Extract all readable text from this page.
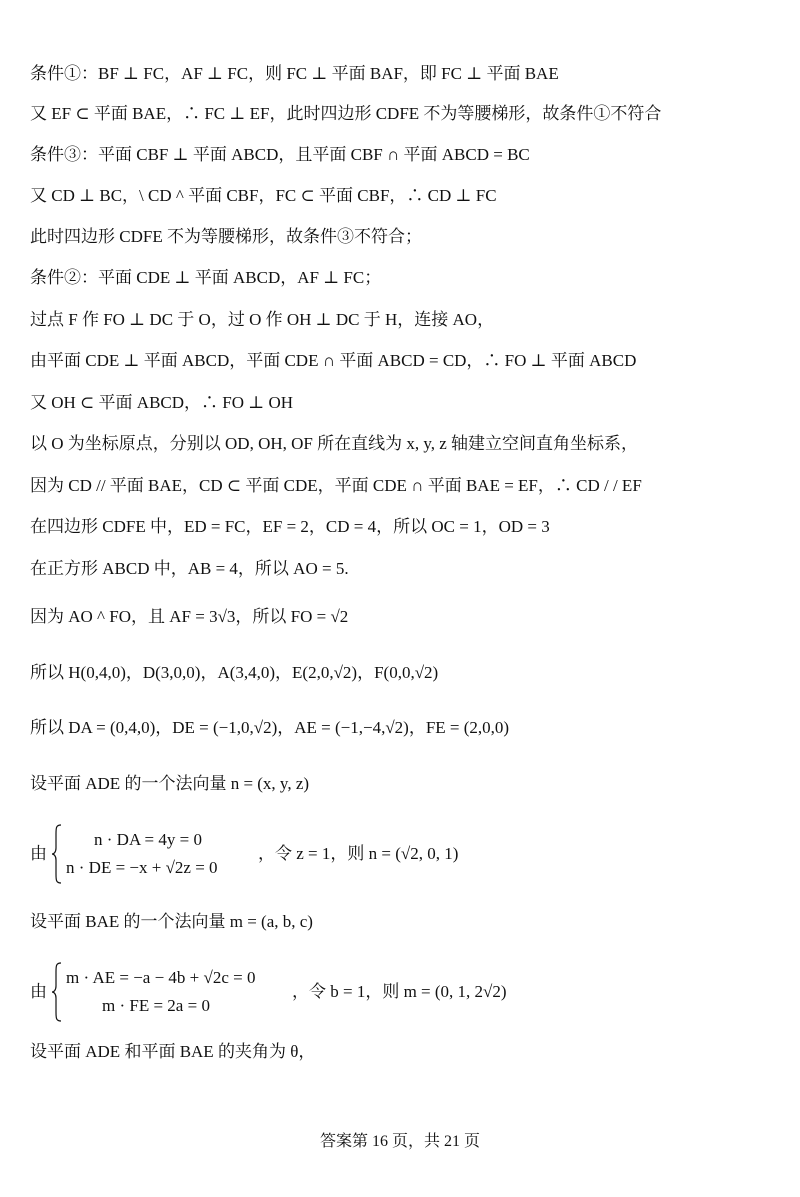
条件①：BF ⊥ FC，AF ⊥ FC，则 FC ⊥ 平面 BAF，即 FC ⊥ 平面 BAE
又 EF ⊂ 平面 BAE，∴ FC ⊥ EF，此时四边形 CDFE 不为等腰梯形，故条件①不符合
条件③：平面 CBF ⊥ 平面 ABCD，且平面 CBF ∩ 平面 ABCD = BC
又 CD ⊥ BC，\ CD ^ 平面 CBF，FC ⊂ 平面 CBF，∴ CD ⊥ FC
此时四边形 CDFE 不为等腰梯形，故条件③不符合；
条件②：平面 CDE ⊥ 平面 ABCD，AF ⊥ FC；
过点 F 作 FO ⊥ DC 于 O，过 O 作 OH ⊥ DC 于 H，连接 AO，
由平面 CDE ⊥ 平面 ABCD，平面 CDE ∩ 平面 ABCD = CD，∴ FO ⊥ 平面 ABCD
又 OH ⊂ 平面 ABCD，∴ FO ⊥ OH
以 O 为坐标原点，分别以 OD, OH, OF 所在直线为 x, y, z 轴建立空间直角坐标系，
因为 CD // 平面 BAE，CD ⊂ 平面 CDE，平面 CDE ∩ 平面 BAE = EF，∴ CD / / EF
在四边形 CDFE 中，ED = FC，EF = 2，CD = 4，所以 OC = 1，OD = 3
在正方形 ABCD 中，AB = 4，所以 AO = 5.
因为 AO ^ FO，且 AF = 3√3，所以 FO = √2
所以 H(0,4,0)，D(3,0,0)，A(3,4,0)，E(2,0,√2)，F(0,0,√2)
所以 DA = (0,4,0)，DE = (−1,0,√2)，AE = (−1,−4,√2)，FE = (2,0,0)
设平面 ADE 的一个法向量 n = (x, y, z)
由
n · DA = 4y = 0
n · DE = −x + √2z = 0
，令 z = 1，则 n = (√2, 0, 1)
设平面 BAE 的一个法向量 m = (a, b, c)
由
m · AE = −a − 4b + √2c = 0
m · FE = 2a = 0
，令 b = 1，则 m = (0, 1, 2√2)
设平面 ADE 和平面 BAE 的夹角为 θ，
答案第 16 页，共 21 页
